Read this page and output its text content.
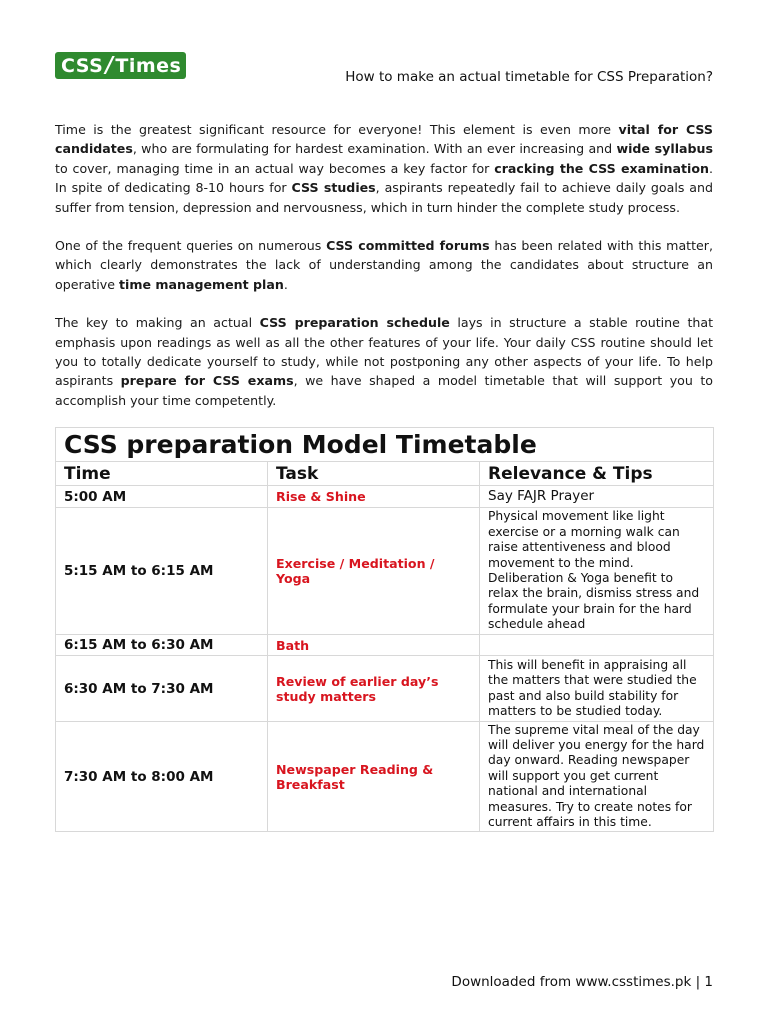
CSS / Times
How to make an actual timetable for CSS Preparation?

Time is the greatest significant resource for everyone! This element is even more vital for CSS candidates, who are formulating for hardest examination. With an ever increasing and wide syllabus to cover, managing time in an actual way becomes a key factor for cracking the CSS examination. In spite of dedicating 8-10 hours for CSS studies, aspirants repeatedly fail to achieve daily goals and suffer from tension, depression and nervousness, which in turn hinder the complete study process.

One of the frequent queries on numerous CSS committed forums has been related with this matter, which clearly demonstrates the lack of understanding among the candidates about structure an operative time management plan.

The key to making an actual CSS preparation schedule lays in structure a stable routine that emphasis upon readings as well as all the other features of your life. Your daily CSS routine should let you to totally dedicate yourself to study, while not postponing any other aspects of your life. To help aspirants prepare for CSS exams, we have shaped a model timetable that will support you to accomplish your time competently.

CSS preparation Model Timetable		
Time	Task	Relevance & Tips
5:00 AM	Rise & Shine	Say FAJR Prayer
5:15 AM to 6:15 AM	Exercise / Meditation / Yoga	Physical movement like light exercise or a morning walk can raise attentiveness and blood movement to the mind. Deliberation & Yoga benefit to relax the brain, dismiss stress and formulate your brain for the hard schedule ahead
6:15 AM to 6:30 AM	Bath	
6:30 AM to 7:30 AM	Review of earlier day’s study matters	This will benefit in appraising all the matters that were studied the past and also build stability for matters to be studied today.
7:30 AM to 8:00 AM	Newspaper Reading & Breakfast	The supreme vital meal of the day will deliver you energy for the hard day onward. Reading newspaper will support you get current national and international measures. Try to create notes for current affairs in this time.
Downloaded from www.csstimes.pk | 1
